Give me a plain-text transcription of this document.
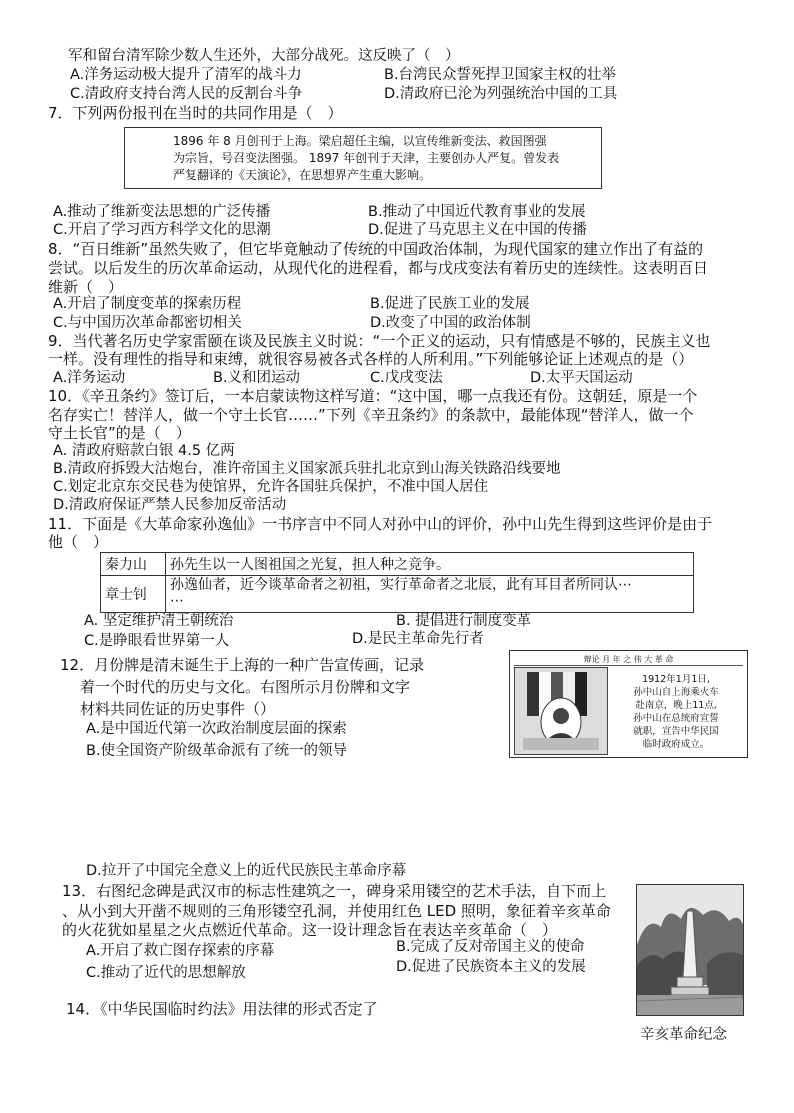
军和留台清军除少数人生还外，大部分战死。这反映了（　）
A.洋务运动极大提升了清军的战斗力	B.台湾民众誓死捍卫国家主权的壮举
C.清政府支持台湾人民的反割台斗争	D.清政府已沦为列强统治中国的工具
7．下列两份报刊在当时的共同作用是（　）
1896 年 8 月创刊于上海。梁启超任主编，以宣传维新变法、救国图强
为宗旨，号召变法图强。 1897 年创刊于天津，主要创办人严复。曾发表
严复翻译的《天演论》，在思想界产生重大影响。
A.推动了维新变法思想的广泛传播	B.推动了中国近代教育事业的发展
C.开启了学习西方科学文化的思潮	D.促进了马克思主义在中国的传播
8．“百日维新”虽然失败了，但它毕竟触动了传统的中国政治体制，为现代国家的建立作出了有益的
尝试。以后发生的历次革命运动，从现代化的进程看，都与戊戌变法有着历史的连续性。这表明百日
维新（　）
A.开启了制度变革的探索历程	B.促进了民族工业的发展
C.与中国历次革命都密切相关	D.改变了中国的政治体制
9．当代著名历史学家雷颐在谈及民族主义时说：“一个正义的运动，只有情感是不够的，民族主义也
一样。没有理性的指导和束缚，就很容易被各式各样的人所利用。”下列能够论证上述观点的是（）
A.洋务运动	B.义和团运动	C.戊戌变法	D.太平天国运动
10．《辛丑条约》签订后，一本启蒙读物这样写道：“这中国，哪一点我还有份。这朝廷，原是一个
名存实亡！替洋人，做一个守土长官……”下列《辛丑条约》的条款中，最能体现“替洋人，做一个
守土长官”的是（　）
A. 清政府赔款白银 4.5 亿两
B.清政府拆毁大沽炮台，准许帝国主义国家派兵驻扎北京到山海关铁路沿线要地
C.划定北京东交民巷为使馆界，允许各国驻兵保护，不准中国人居住
D.清政府保证严禁人民参加反帝活动
11．下面是《大革命家孙逸仙》一书序言中不同人对孙中山的评价，孙中山先生得到这些评价是由于
他（　）
秦力山	孙先生以一人图祖国之光复，担人种之竞争。
章士钊	孙逸仙者，近今谈革命者之初祖，实行革命者之北辰，此有耳目者所同认⋯
⋯
A. 坚定维护清王朝统治	B. 提倡进行制度变革
C.是睁眼看世界第一人	D.是民主革命先行者
12．月份牌是清末诞生于上海的一种广告宣传画，记录
着一个时代的历史与文化。右图所示月份牌和文字
材料共同佐证的历史事件（）
A.是中国近代第一次政治制度层面的探索
B.使全国资产阶级革命派有了统一的领导
辩论 月 年 之 伟 大 革 命
1912年1月1日,
孙中山自上海乘火车
赴南京，晚上11点,
孙中山在总统府宣誓
就职，宣告中华民国
临时政府成立。
D.拉开了中国完全意义上的近代民族民主革命序幕
13．右图纪念碑是武汉市的标志性建筑之一，碑身采用镂空的艺术手法，自下而上
、从小到大开凿不规则的三角形镂空孔洞，并使用红色 LED 照明，象征着辛亥革命
的火花犹如星星之火点燃近代革命。这一设计理念旨在表达辛亥革命（　）
A.开启了救亡图存探索的序幕	B.完成了反对帝国主义的使命
C.推动了近代的思想解放	D.促进了民族资本主义的发展
辛亥革命纪念
14．《中华民国临时约法》用法律的形式否定了
